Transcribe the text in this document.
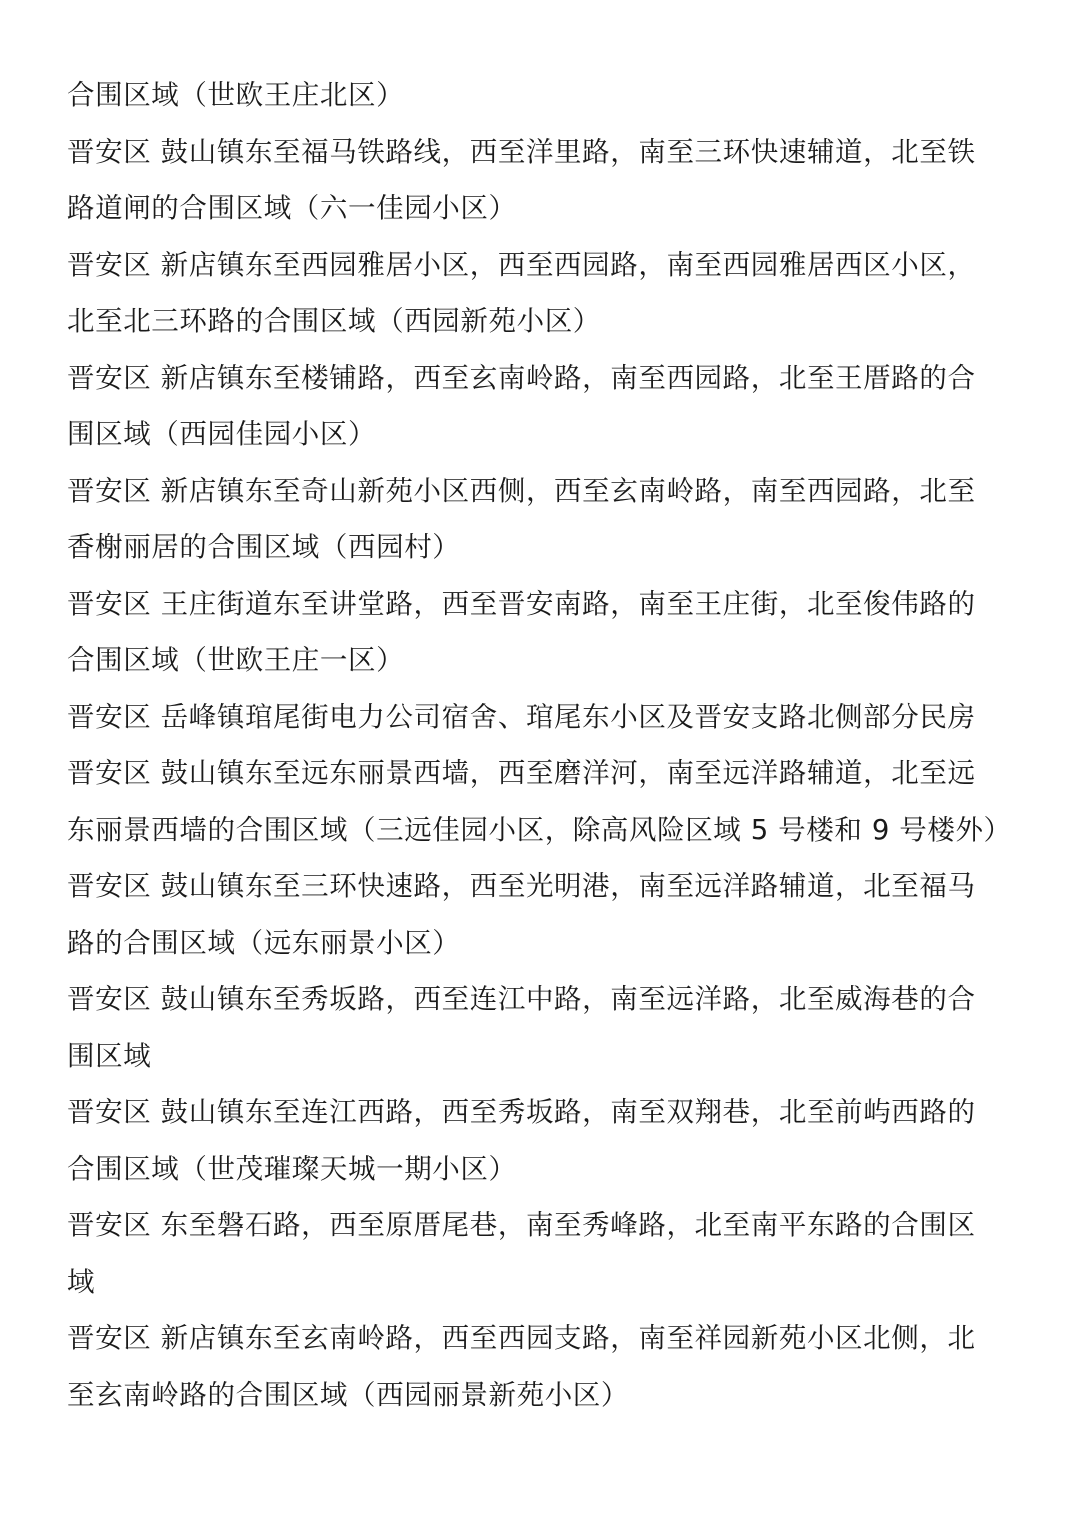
合围区域（世欧王庄北区）
晋安区 鼓山镇东至福马铁路线，西至洋里路，南至三环快速辅道，北至铁
路道闸的合围区域（六一佳园小区）
晋安区 新店镇东至西园雅居小区，西至西园路，南至西园雅居西区小区，
北至北三环路的合围区域（西园新苑小区）
晋安区 新店镇东至楼铺路，西至玄南岭路，南至西园路，北至王厝路的合
围区域（西园佳园小区）
晋安区 新店镇东至奇山新苑小区西侧，西至玄南岭路，南至西园路，北至
香榭丽居的合围区域（西园村）
晋安区 王庄街道东至讲堂路，西至晋安南路，南至王庄街，北至俊伟路的
合围区域（世欧王庄一区）
晋安区 岳峰镇琯尾街电力公司宿舍、琯尾东小区及晋安支路北侧部分民房
晋安区 鼓山镇东至远东丽景西墙，西至磨洋河，南至远洋路辅道，北至远
东丽景西墙的合围区域（三远佳园小区，除高风险区域 5 号楼和 9 号楼外）
晋安区 鼓山镇东至三环快速路，西至光明港，南至远洋路辅道，北至福马
路的合围区域（远东丽景小区）
晋安区 鼓山镇东至秀坂路，西至连江中路，南至远洋路，北至威海巷的合
围区域
晋安区 鼓山镇东至连江西路，西至秀坂路，南至双翔巷，北至前屿西路的
合围区域（世茂璀璨天城一期小区）
晋安区 东至磐石路，西至原厝尾巷，南至秀峰路，北至南平东路的合围区
域
晋安区 新店镇东至玄南岭路，西至西园支路，南至祥园新苑小区北侧，北
至玄南岭路的合围区域（西园丽景新苑小区）
